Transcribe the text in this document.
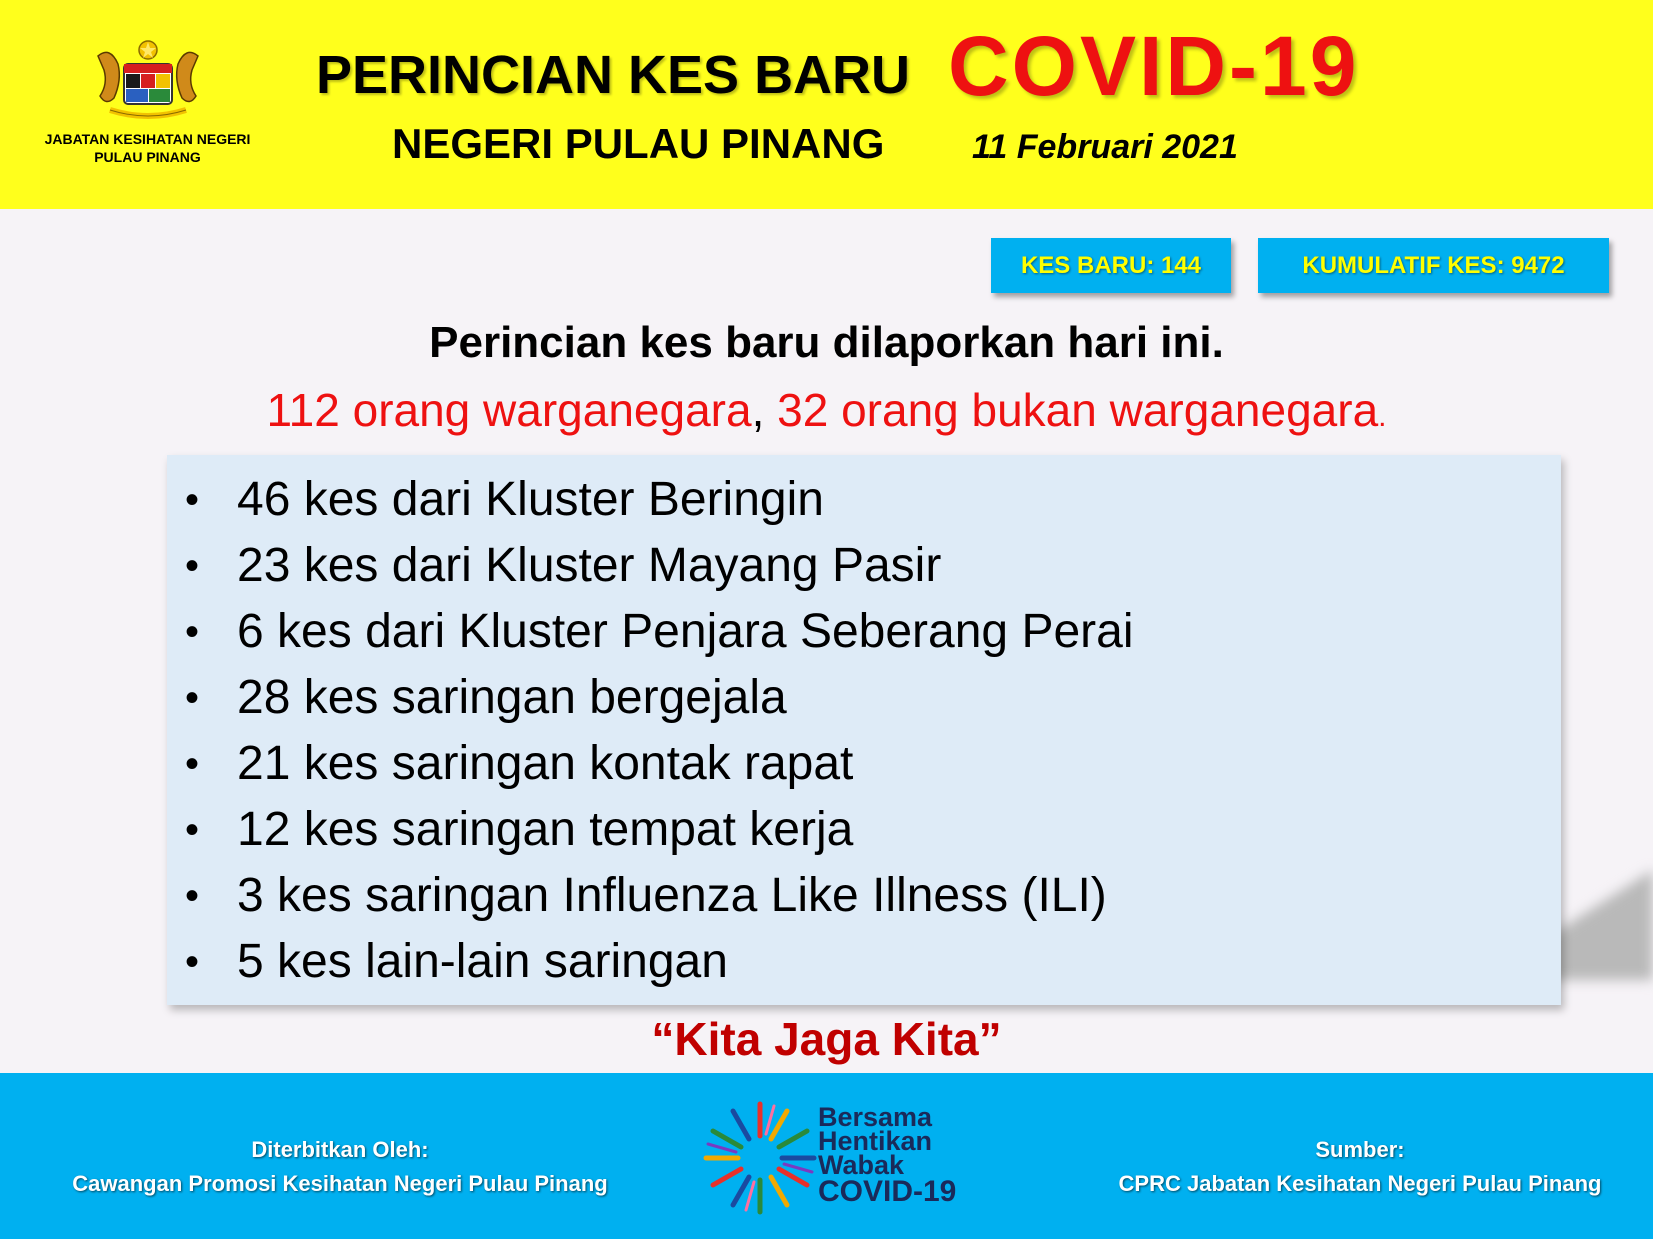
JABATAN KESIHATAN NEGERI
PULAU PINANG
PERINCIAN KES BARU COVID-19
NEGERI PULAU PINANG	11 Februari 2021
KES BARU: 144	KUMULATIF KES: 9472
Perincian kes baru dilaporkan hari ini.
112 orang warganegara, 32 orang bukan warganegara.
• 46 kes dari Kluster Beringin
• 23 kes dari Kluster Mayang Pasir
• 6 kes dari Kluster Penjara Seberang Perai
• 28 kes saringan bergejala
• 21 kes saringan kontak rapat
• 12 kes saringan tempat kerja
• 3 kes saringan Influenza Like Illness (ILI)
• 5 kes lain-lain saringan
“Kita Jaga Kita”
Diterbitkan Oleh:
Cawangan Promosi Kesihatan Negeri Pulau Pinang
Bersama
Hentikan
Wabak
COVID-19
Sumber:
CPRC Jabatan Kesihatan Negeri Pulau Pinang
